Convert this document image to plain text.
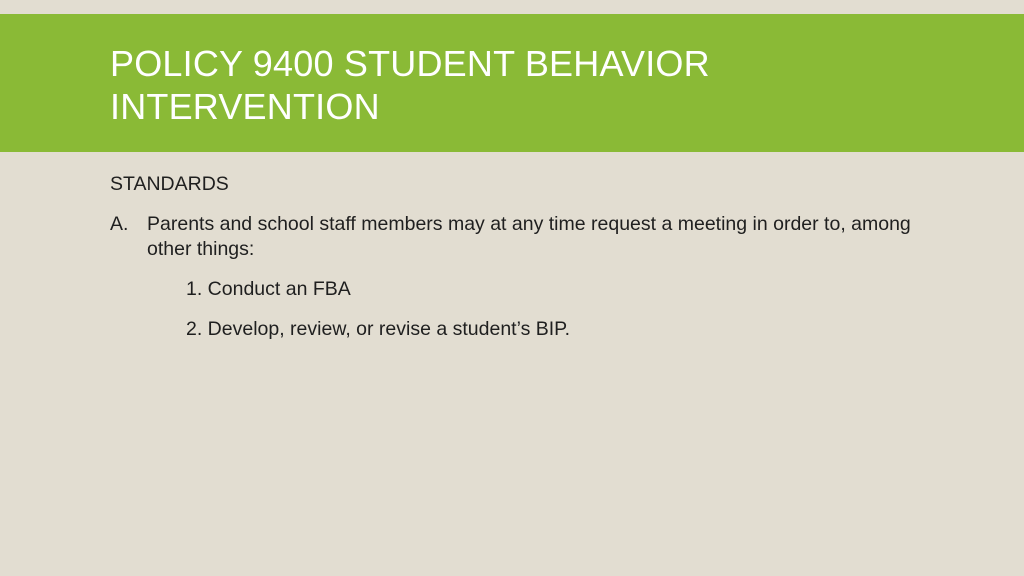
POLICY 9400 STUDENT BEHAVIOR INTERVENTION

STANDARDS

A. Parents and school staff members may at any time request a meeting in order to, among other things:

1. Conduct an FBA

2. Develop, review, or revise a student’s BIP.
